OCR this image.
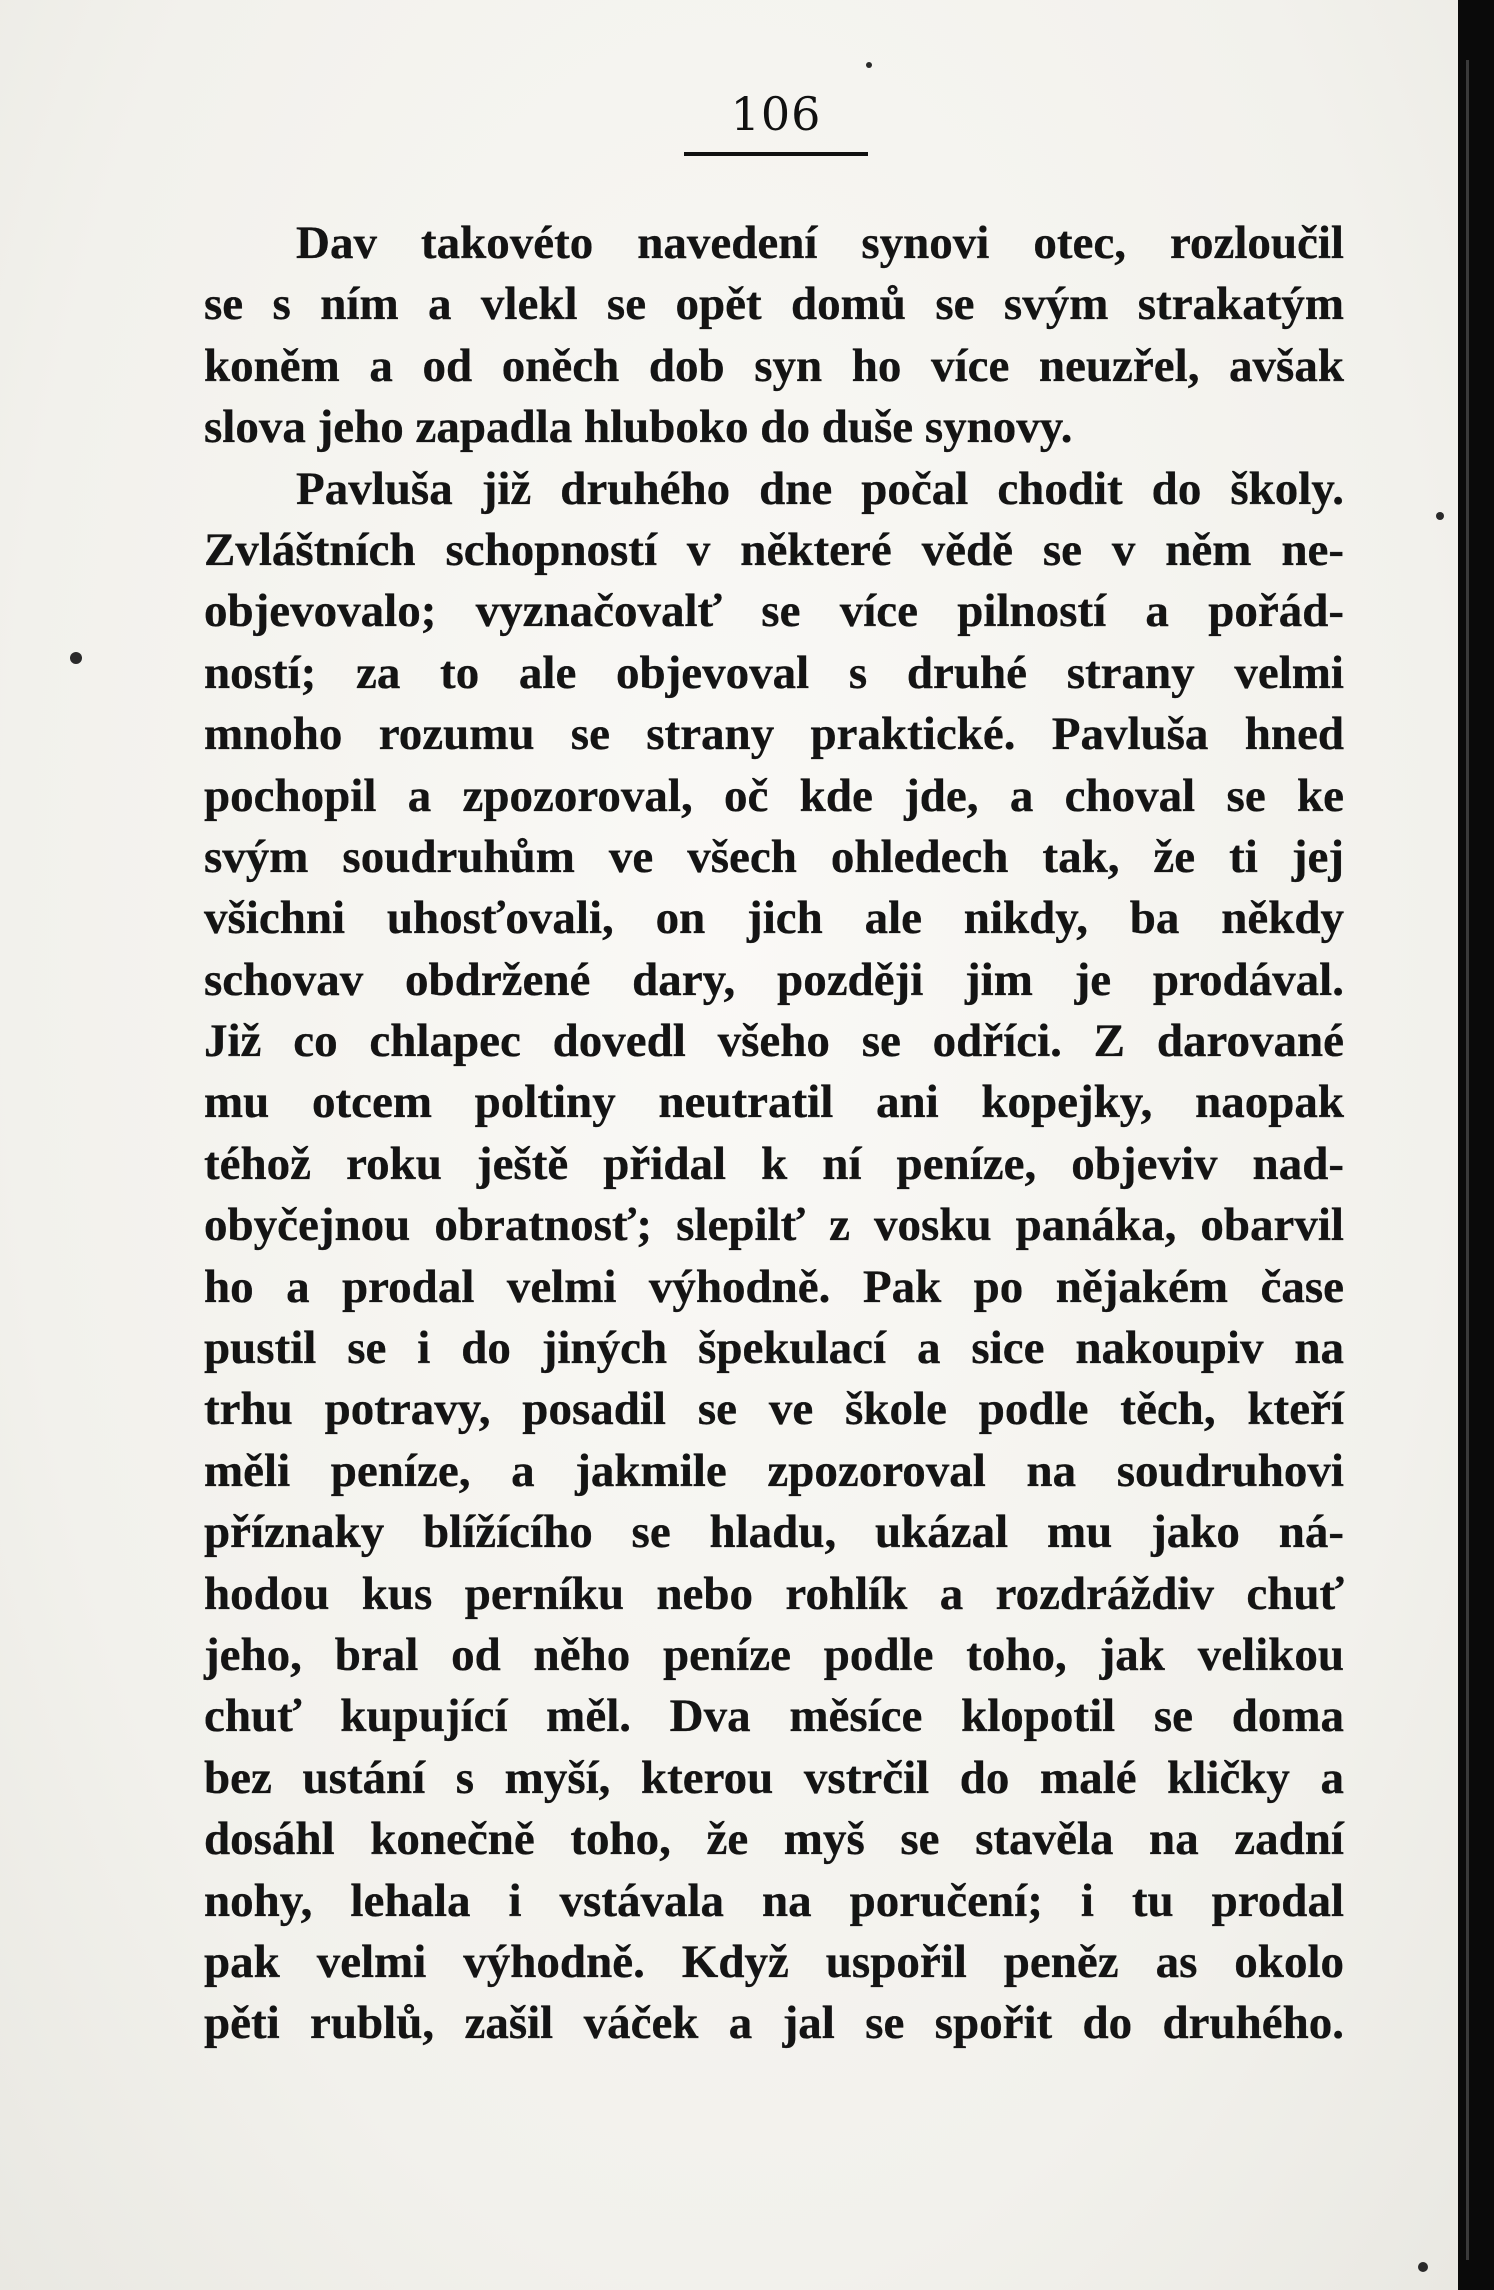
106
Dav takovéto navedení synovi otec, rozloučil
se s ním a vlekl se opět domů se svým strakatým
koněm a od oněch dob syn ho více neuzřel, avšak
slova jeho zapadla hluboko do duše synovy.
Pavluša již druhého dne počal chodit do školy.
Zvláštních schopností v některé vědě se v něm ne-
objevovalo; vyznačovalť se více pilností a pořád-
ností; za to ale objevoval s druhé strany velmi
mnoho rozumu se strany praktické. Pavluša hned
pochopil a zpozoroval, oč kde jde, a choval se ke
svým soudruhům ve všech ohledech tak, že ti jej
všichni uhosťovali, on jich ale nikdy, ba někdy
schovav obdržené dary, později jim je prodával.
Již co chlapec dovedl všeho se odříci. Z darované
mu otcem poltiny neutratil ani kopejky, naopak
téhož roku ještě přidal k ní peníze, objeviv nad-
obyčejnou obratnosť; slepilť z vosku panáka, obarvil
ho a prodal velmi výhodně. Pak po nějakém čase
pustil se i do jiných špekulací a sice nakoupiv na
trhu potravy, posadil se ve škole podle těch, kteří
měli peníze, a jakmile zpozoroval na soudruhovi
příznaky blížícího se hladu, ukázal mu jako ná-
hodou kus perníku nebo rohlík a rozdráždiv chuť
jeho, bral od něho peníze podle toho, jak velikou
chuť kupující měl. Dva měsíce klopotil se doma
bez ustání s myší, kterou vstrčil do malé kličky a
dosáhl konečně toho, že myš se stavěla na zadní
nohy, lehala i vstávala na poručení; i tu prodal
pak velmi výhodně. Když uspořil peněz as okolo
pěti rublů, zašil váček a jal se spořit do druhého.
